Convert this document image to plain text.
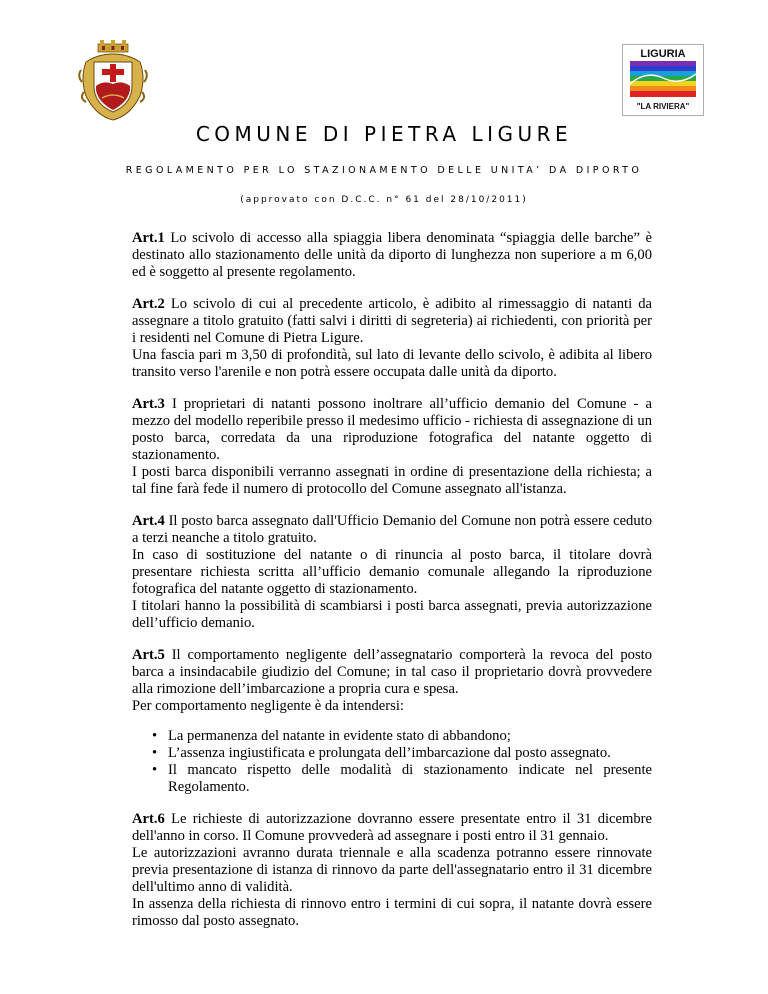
LIGURIA
"LA RIVIERA"
COMUNE DI PIETRA LIGURE
REGOLAMENTO PER LO STAZIONAMENTO DELLE UNITA’ DA DIPORTO
(approvato con D.C.C. n° 61 del 28/10/2011)

Art.1 Lo scivolo di accesso alla spiaggia libera denominata “spiaggia delle barche” è destinato allo stazionamento delle unità da diporto di lunghezza non superiore a m 6,00 ed è soggetto al presente regolamento.

Art.2 Lo scivolo di cui al precedente articolo, è adibito al rimessaggio di natanti da assegnare a titolo gratuito (fatti salvi i diritti di segreteria) ai richiedenti, con priorità per i residenti nel Comune di Pietra Ligure.

Una fascia pari m 3,50 di profondità, sul lato di levante dello scivolo, è adibita al libero transito verso l'arenile e non potrà essere occupata dalle unità da diporto.

Art.3 I proprietari di natanti possono inoltrare all’ufficio demanio del Comune - a mezzo del modello reperibile presso il medesimo ufficio - richiesta di assegnazione di un posto barca, corredata da una riproduzione fotografica del natante oggetto di stazionamento.

I posti barca disponibili verranno assegnati in ordine di presentazione della richiesta; a tal fine farà fede il numero di protocollo del Comune assegnato all'istanza.

Art.4 Il posto barca assegnato dall'Ufficio Demanio del Comune non potrà essere ceduto a terzi neanche a titolo gratuito.

In caso di sostituzione del natante o di rinuncia al posto barca, il titolare dovrà presentare richiesta scritta all’ufficio demanio comunale allegando la riproduzione fotografica del natante oggetto di stazionamento.

I titolari hanno la possibilità di scambiarsi i posti barca assegnati, previa autorizzazione dell’ufficio demanio.

Art.5 Il comportamento negligente dell’assegnatario comporterà la revoca del posto barca a insindacabile giudizio del Comune; in tal caso il proprietario dovrà provvedere alla rimozione dell’imbarcazione a propria cura e spesa.

Per comportamento negligente è da intendersi:

• La permanenza del natante in evidente stato di abbandono;
• L’assenza ingiustificata e prolungata dell’imbarcazione dal posto assegnato.
• Il mancato rispetto delle modalità di stazionamento indicate nel presente Regolamento.

Art.6 Le richieste di autorizzazione dovranno essere presentate entro il 31 dicembre dell'anno in corso. Il Comune provvederà ad assegnare i posti entro il 31 gennaio.

Le autorizzazioni avranno durata triennale e alla scadenza potranno essere rinnovate previa presentazione di istanza di rinnovo da parte dell'assegnatario entro il 31 dicembre dell'ultimo anno di validità.

In assenza della richiesta di rinnovo entro i termini di cui sopra, il natante dovrà essere rimosso dal posto assegnato.
